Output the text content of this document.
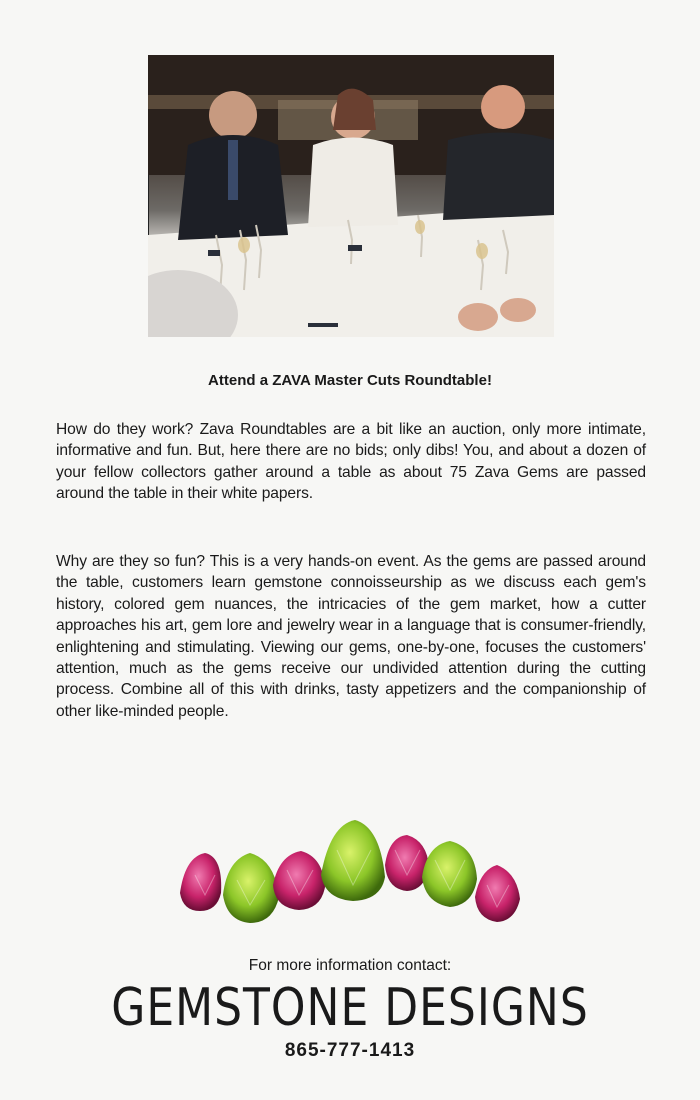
Attend a ZAVA Master Cuts Roundtable!

How do they work? Zava Roundtables are a bit like an auction, only more intimate, informative and fun. But, here there are no bids; only dibs! You, and about a dozen of your fellow collectors gather around a table as about 75 Zava Gems are passed around the table in their white papers.

Why are they so fun? This is a very hands-on event. As the gems are passed around the table, customers learn gemstone connoisseurship as we discuss each gem's history, colored gem nuances, the intricacies of the gem market, how a cutter approaches his art, gem lore and jewelry wear in a language that is consumer-friendly, enlightening and stimulating. Viewing our gems, one-by-one, focuses the customers' attention, much as the gems receive our undivided attention during the cutting process. Combine all of this with drinks, tasty appetizers and the companionship of other like-minded people.

For more information contact:
GEMSTONE DESIGNS
865-777-1413
